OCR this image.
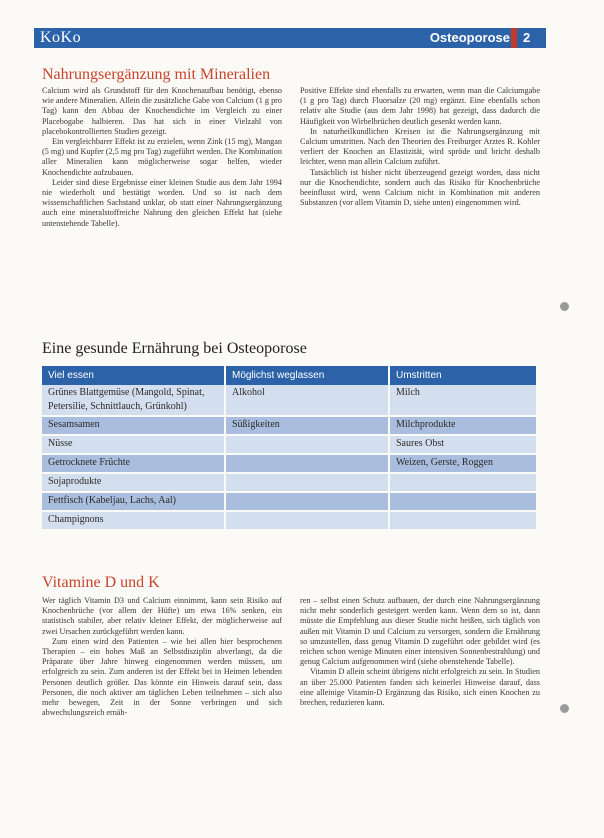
KoKo	Osteoporose 2
Nahrungsergänzung mit Mineralien

Calcium wird als Grundstoff für den Knochenaufbau benötigt, ebenso wie andere Mineralien. Allein die zusätzliche Gabe von Calcium (1 g pro Tag) kann den Abbau der Knochendichte im Vergleich zu einer Placebogabe halbieren. Das hat sich in einer Vielzahl von placebokontrollierten Studien gezeigt.

Ein vergleichbarer Effekt ist zu erzielen, wenn Zink (15 mg), Mangan (5 mg) und Kupfer (2,5 mg pro Tag) zugeführt werden. Die Kombination aller Mineralien kann möglicherweise sogar helfen, wieder Knochendichte aufzubauen.

Leider sind diese Ergebnisse einer kleinen Studie aus dem Jahr 1994 nie wiederholt und bestätigt worden. Und so ist nach dem wissenschaftlichen Sachstand unklar, ob statt einer Nahrungsergänzung auch eine mineralstoffreiche Nahrung den gleichen Effekt hat (siehe untenstehende Tabelle).

Positive Effekte sind ebenfalls zu erwarten, wenn man die Calciumgabe (1 g pro Tag) durch Fluorsalze (20 mg) ergänzt. Eine ebenfalls schon relativ alte Studie (aus dem Jahr 1998) hat gezeigt, dass dadurch die Häufigkeit von Wirbelbrüchen deutlich gesenkt werden kann.

In naturheilkundlichen Kreisen ist die Nahrungsergänzung mit Calcium umstritten. Nach den Theorien des Freiburger Arztes R. Kohler verliert der Knochen an Elastizität, wird spröde und bricht deshalb leichter, wenn man allein Calcium zuführt.

Tatsächlich ist bisher nicht überzeugend gezeigt worden, dass nicht nur die Knochendichte, sondern auch das Risiko für Knochenbrüche beeinflusst wird, wenn Calcium nicht in Kombination mit anderen Substanzen (vor allem Vitamin D, siehe unten) eingenommen wird.

Eine gesunde Ernährung bei Osteoporose
Viel essen	Möglichst weglassen	Umstritten
Grünes Blattgemüse (Mangold, Spinat, Petersilie, Schnittlauch, Grünkohl)	Alkohol	Milch
Sesamsamen	Süßigkeiten	Milchprodukte
Nüsse		Saures Obst
Getrocknete Früchte		Weizen, Gerste, Roggen
Sojaprodukte		
Fettfisch (Kabeljau, Lachs, Aal)		
Champignons		
Vitamine D und K

Wer täglich Vitamin D3 und Calcium einnimmt, kann sein Risiko auf Knochenbrüche (vor allem der Hüfte) um etwa 16% senken, ein statistisch stabiler, aber relativ kleiner Effekt, der möglicherweise auf zwei Ursachen zurückgeführt werden kann.

Zum einen wird den Patienten – wie bei allen hier besprochenen Therapien – ein hohes Maß an Selbstdisziplin abverlangt, da die Präparate über Jahre hinweg eingenommen werden müssen, um erfolgreich zu sein. Zum anderen ist der Effekt bei in Heimen lebenden Personen deutlich größer. Das könnte ein Hinweis darauf sein, dass Personen, die noch aktiver am täglichen Leben teilnehmen – sich also mehr bewegen, Zeit in der Sonne verbringen und sich abwechslungsreich ernäh-

ren – selbst einen Schutz aufbauen, der durch eine Nahrungsergänzung nicht mehr sonderlich gesteigert werden kann. Wenn dem so ist, dann müsste die Empfehlung aus dieser Studie nicht heißen, sich täglich von außen mit Vitamin D und Calcium zu versorgen, sondern die Ernährung so umzustellen, dass genug Vitamin D zugeführt oder gebildet wird (es reichen schon wenige Minuten einer intensiven Sonnenbestrahlung) und genug Calcium aufgenommen wird (siehe obenstehende Tabelle).

Vitamin D allein scheint übrigens nicht erfolgreich zu sein. In Studien an über 25.000 Patienten fanden sich keinerlei Hinweise darauf, dass eine alleinige Vitamin-D Ergänzung das Risiko, sich einen Knochen zu brechen, reduzieren kann.
